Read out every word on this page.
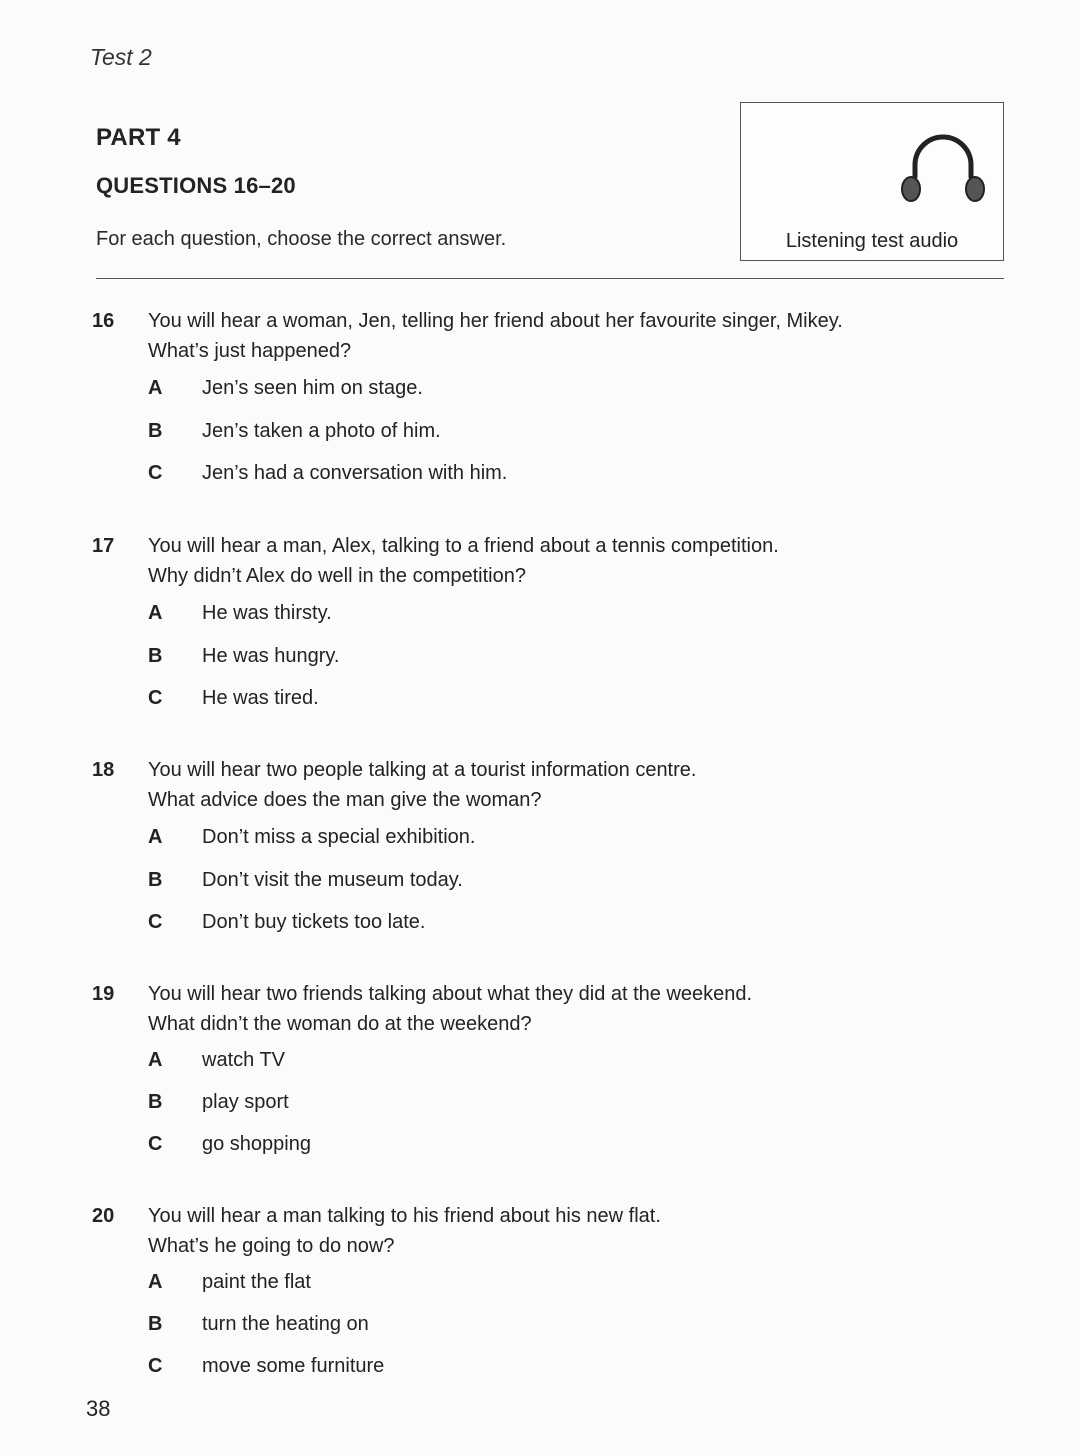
Test 2
PART 4
QUESTIONS 16–20
For each question, choose the correct answer.	Listening test audio
16 You will hear a woman, Jen, telling her friend about her favourite singer, Mikey.
What’s just happened?
A Jen’s seen him on stage.
B Jen’s taken a photo of him.
C Jen’s had a conversation with him.
17 You will hear a man, Alex, talking to a friend about a tennis competition.
Why didn’t Alex do well in the competition?
A He was thirsty.
B He was hungry.
C He was tired.
18 You will hear two people talking at a tourist information centre.
What advice does the man give the woman?
A Don’t miss a special exhibition.
B Don’t visit the museum today.
C Don’t buy tickets too late.
19 You will hear two friends talking about what they did at the weekend.
What didn’t the woman do at the weekend?
A watch TV
B play sport
C go shopping
20 You will hear a man talking to his friend about his new flat.
What’s he going to do now?
A paint the flat
B turn the heating on
C move some furniture
38
